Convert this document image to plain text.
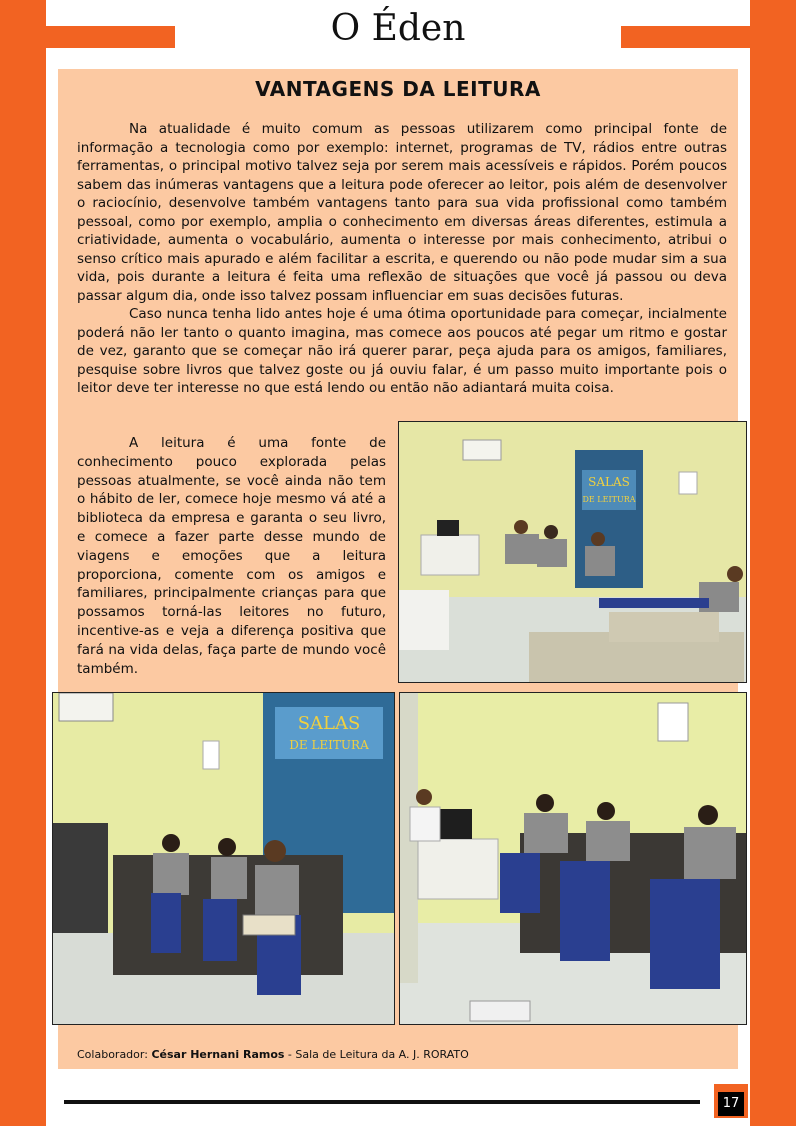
O Éden
VANTAGENS DA LEITURA

Na atualidade é muito comum as pessoas utilizarem como principal fonte de informação a tecnologia como por exemplo: internet, programas de TV, rádios entre outras ferramentas, o principal motivo talvez seja por serem mais acessíveis e rápidos. Porém poucos sabem das inúmeras vantagens que a leitura pode oferecer ao leitor, pois além de desenvolver o raciocínio, desenvolve também vantagens tanto para sua vida profissional como também pessoal, como por exemplo, amplia o conhecimento em diversas áreas diferentes, estimula a criatividade, aumenta o vocabulário, aumenta o interesse por mais conhecimento, atribui o senso crítico mais apurado e além facilitar a escrita, e querendo ou não pode mudar sim a sua vida, pois durante a leitura é feita uma reflexão de situações que você já passou ou deva passar algum dia, onde isso talvez possam influenciar em suas decisões futuras.

Caso nunca tenha lido antes hoje é uma ótima oportunidade para começar, incialmente poderá não ler tanto o quanto imagina, mas comece aos poucos até pegar um ritmo e gostar de vez, garanto que se começar não irá querer parar, peça ajuda para os amigos, familiares, pesquise sobre livros que talvez goste ou já ouviu falar, é um passo muito importante pois o leitor deve ter interesse no que está lendo ou então não adiantará muita coisa.

A leitura é uma fonte de conhecimento pouco explorada pelas pessoas atualmente, se você ainda não tem o hábito de ler, comece hoje mesmo vá até a biblioteca da empresa e garanta o seu livro, e comece a fazer parte desse mundo de viagens e emoções que a leitura proporciona, comente com os amigos e familiares, principalmente crianças para que possamos torná-las leitores no futuro, incentive-as e veja a diferença positiva que fará na vida delas, faça parte de mundo você também.

SALAS
DE LEITURA
SALAS
DE LEITURA
Colaborador: César Hernani Ramos - Sala de Leitura da A. J. RORATO
17
